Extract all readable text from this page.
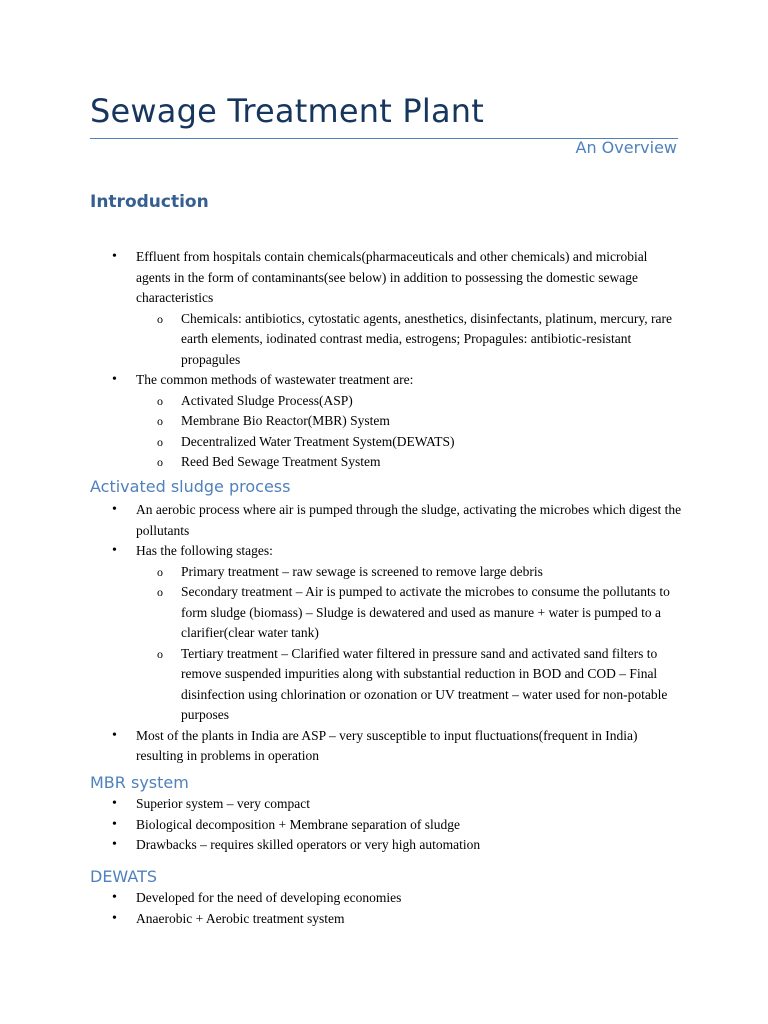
Sewage Treatment Plant
An Overview
Introduction
• Effluent from hospitals contain chemicals(pharmaceuticals and other chemicals) and microbial agents in the form of contaminants(see below) in addition to possessing the domestic sewage characteristics
o Chemicals: antibiotics, cytostatic agents, anesthetics, disinfectants, platinum, mercury, rare earth elements, iodinated contrast media, estrogens; Propagules: antibiotic-resistant propagules
• The common methods of wastewater treatment are:
o Activated Sludge Process(ASP)
o Membrane Bio Reactor(MBR) System
o Decentralized Water Treatment System(DEWATS)
o Reed Bed Sewage Treatment System
Activated sludge process
• An aerobic process where air is pumped through the sludge, activating the microbes which digest the pollutants
• Has the following stages:
o Primary treatment – raw sewage is screened to remove large debris
o Secondary treatment – Air is pumped to activate the microbes to consume the pollutants to form sludge (biomass) – Sludge is dewatered and used as manure + water is pumped to a clarifier(clear water tank)
o Tertiary treatment – Clarified water filtered in pressure sand and activated sand filters to remove suspended impurities along with substantial reduction in BOD and COD – Final disinfection using chlorination or ozonation or UV treatment – water used for non-potable purposes
• Most of the plants in India are ASP – very susceptible to input fluctuations(frequent in India) resulting in problems in operation
MBR system
• Superior system – very compact
• Biological decomposition + Membrane separation of sludge
• Drawbacks – requires skilled operators or very high automation
DEWATS
• Developed for the need of developing economies
• Anaerobic + Aerobic treatment system
